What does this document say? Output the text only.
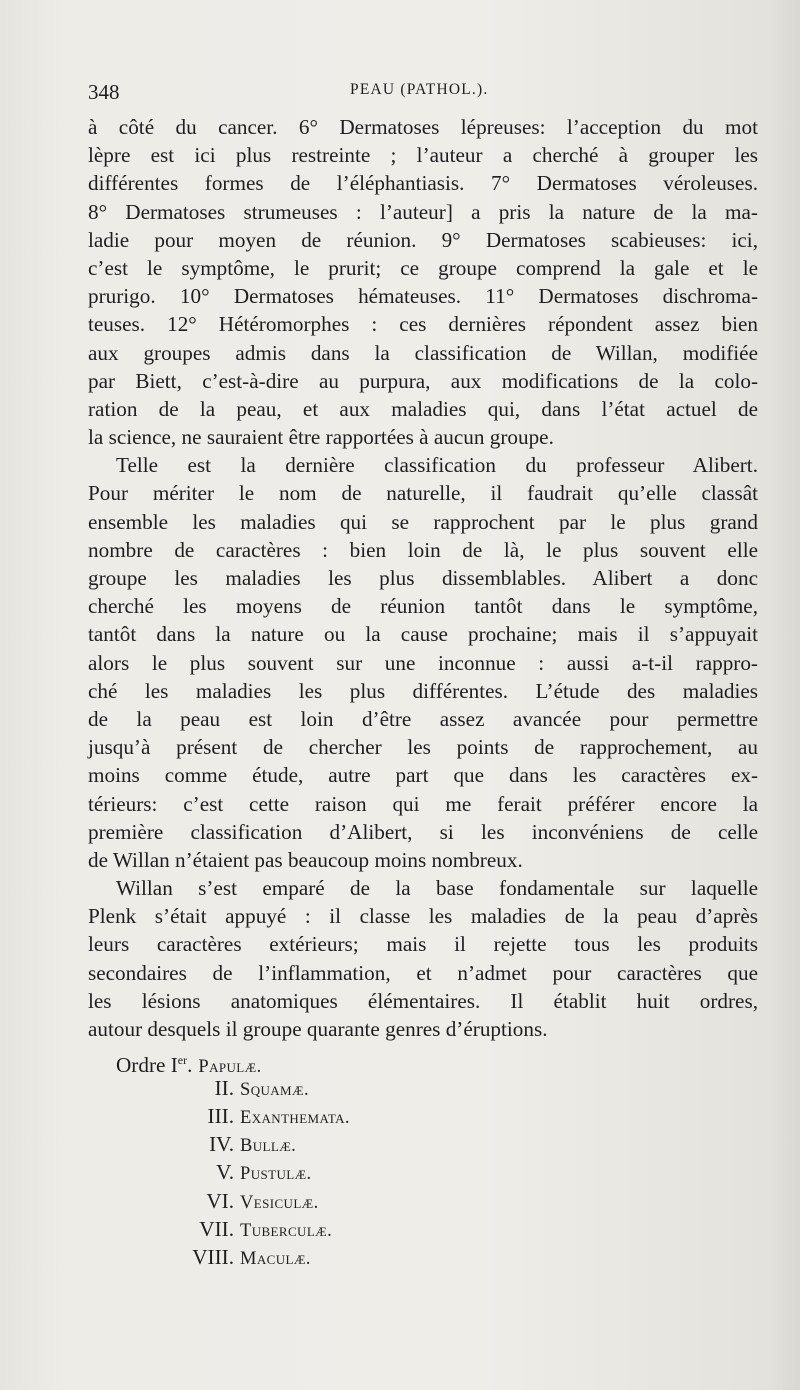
348	PEAU (PATHOL.).
à côté du cancer. 6° Dermatoses lépreuses: l’acception du mot
lèpre est ici plus restreinte ; l’auteur a cherché à grouper les
différentes formes de l’éléphantiasis. 7° Dermatoses véroleuses.
8° Dermatoses strumeuses : l’auteur] a pris la nature de la ma-
ladie pour moyen de réunion. 9° Dermatoses scabieuses: ici,
c’est le symptôme, le prurit; ce groupe comprend la gale et le
prurigo. 10° Dermatoses hémateuses. 11° Dermatoses dischroma-
teuses. 12° Hétéromorphes : ces dernières répondent assez bien
aux groupes admis dans la classification de Willan, modifiée
par Biett, c’est-à-dire au purpura, aux modifications de la colo-
ration de la peau, et aux maladies qui, dans l’état actuel de
la science, ne sauraient être rapportées à aucun groupe.
Telle est la dernière classification du professeur Alibert.
Pour mériter le nom de naturelle, il faudrait qu’elle classât
ensemble les maladies qui se rapprochent par le plus grand
nombre de caractères : bien loin de là, le plus souvent elle
groupe les maladies les plus dissemblables. Alibert a donc
cherché les moyens de réunion tantôt dans le symptôme,
tantôt dans la nature ou la cause prochaine; mais il s’appuyait
alors le plus souvent sur une inconnue : aussi a-t-il rappro-
ché les maladies les plus différentes. L’étude des maladies
de la peau est loin d’être assez avancée pour permettre
jusqu’à présent de chercher les points de rapprochement, au
moins comme étude, autre part que dans les caractères ex-
térieurs: c’est cette raison qui me ferait préférer encore la
première classification d’Alibert, si les inconvéniens de celle
de Willan n’étaient pas beaucoup moins nombreux.
Willan s’est emparé de la base fondamentale sur laquelle
Plenk s’était appuyé : il classe les maladies de la peau d’après
leurs caractères extérieurs; mais il rejette tous les produits
secondaires de l’inflammation, et n’admet pour caractères que
les lésions anatomiques élémentaires. Il établit huit ordres,
autour desquels il groupe quarante genres d’éruptions.
Ordre Ier. Papulæ.
II. Squamæ.
III. Exanthemata.
IV. Bullæ.
V. Pustulæ.
VI. Vesiculæ.
VII. Tuberculæ.
VIII. Maculæ.
